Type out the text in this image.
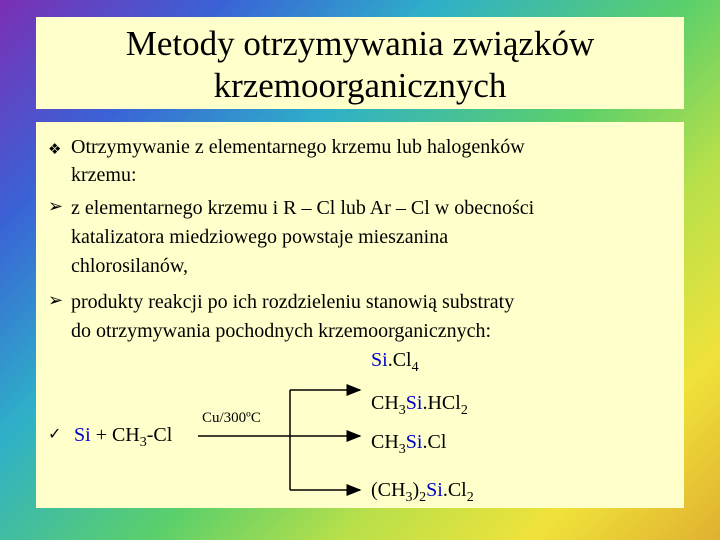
Metody otrzymywania związków
krzemoorganicznych
❖ Otrzymywanie z elementarnego krzemu lub halogenków
krzemu:
➢ z elementarnego krzemu i R – Cl lub Ar – Cl w obecności
katalizatora miedziowego powstaje mieszanina
chlorosilanów,
➢ produkty reakcji po ich rozdzieleniu stanowią substraty
do otrzymywania pochodnych krzemoorganicznych:
$Si.Cl_4$
✓ $Si + CH_3-Cl$
Cu/300ºC
$CH_3Si.HCl_2$
$CH_3Si.Cl$
$(CH_3)_2Si.Cl_2$
